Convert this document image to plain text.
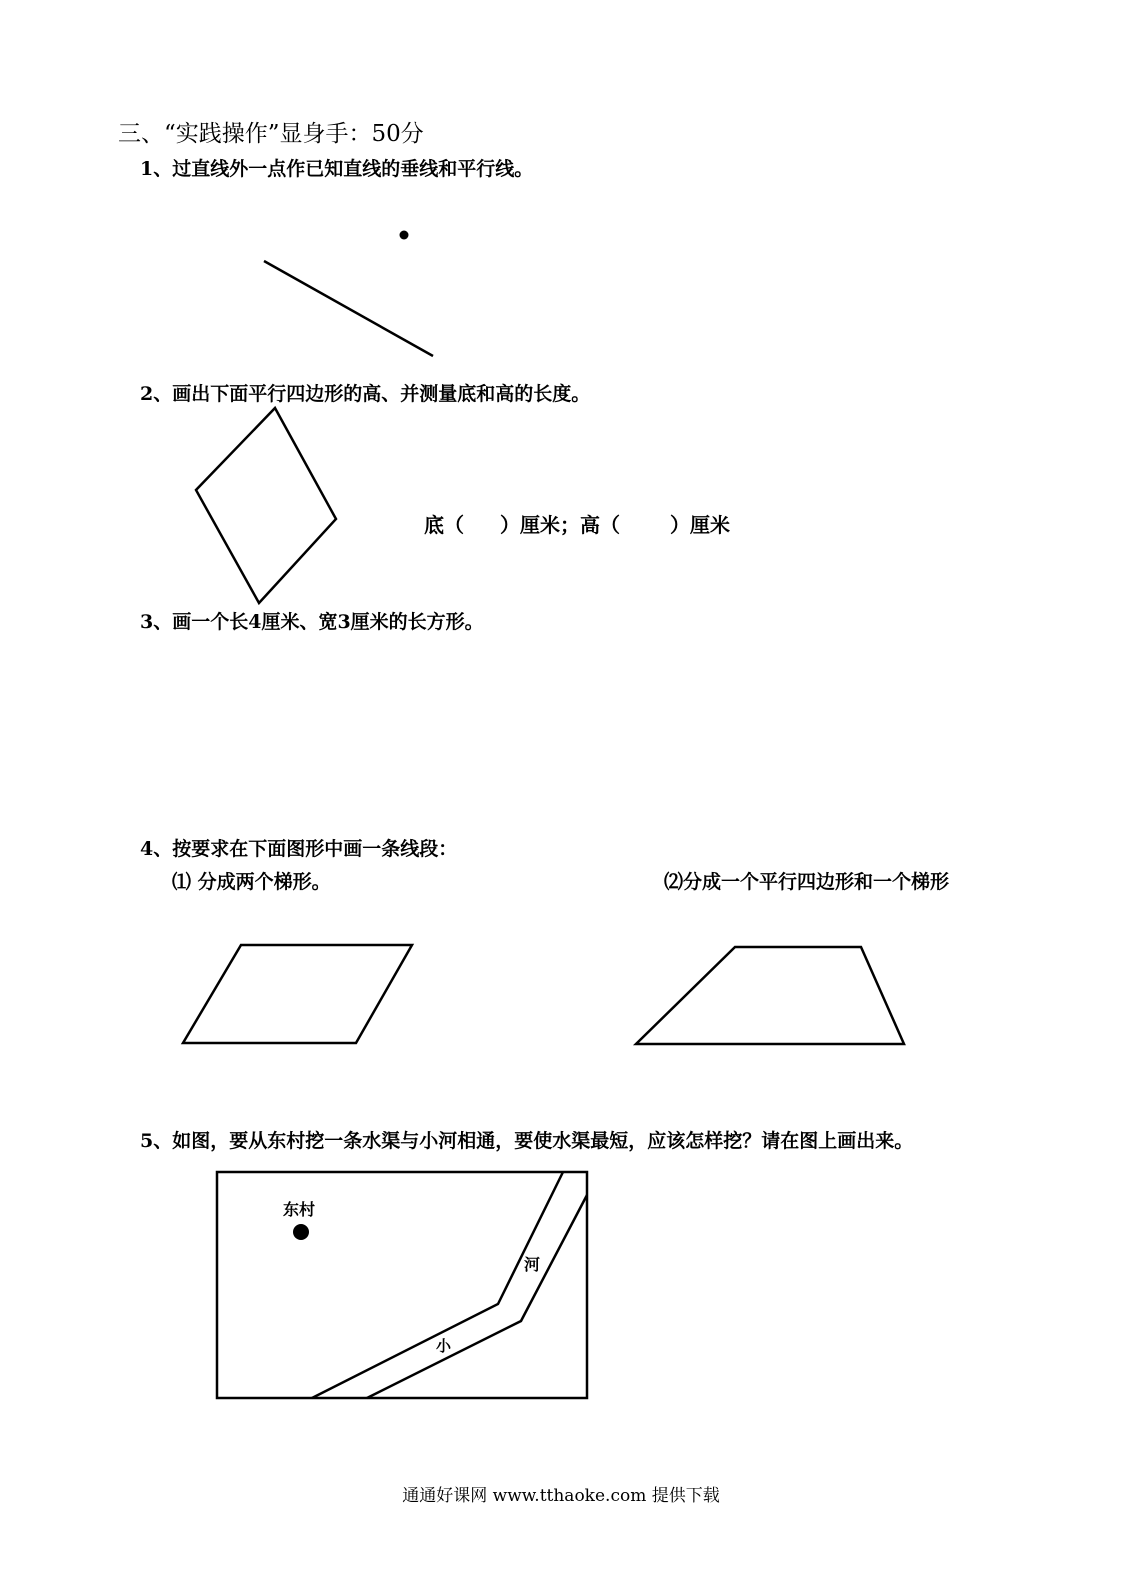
三、“实践操作”显身手：50分
1、过直线外一点作已知直线的垂线和平行线。
2、画出下面平行四边形的高、并测量底和高的长度。
底（ ）厘米；高（	）厘米
3、画一个长4厘米、宽3厘米的长方形。
4、按要求在下面图形中画一条线段：
⑴ 分成两个梯形。	⑵分成一个平行四边形和一个梯形
5、如图，要从东村挖一条水渠与小河相通，要使水渠最短，应该怎样挖？请在图上画出来。
通通好课网 www.tthaoke.com 提供下载
东村
河
小
